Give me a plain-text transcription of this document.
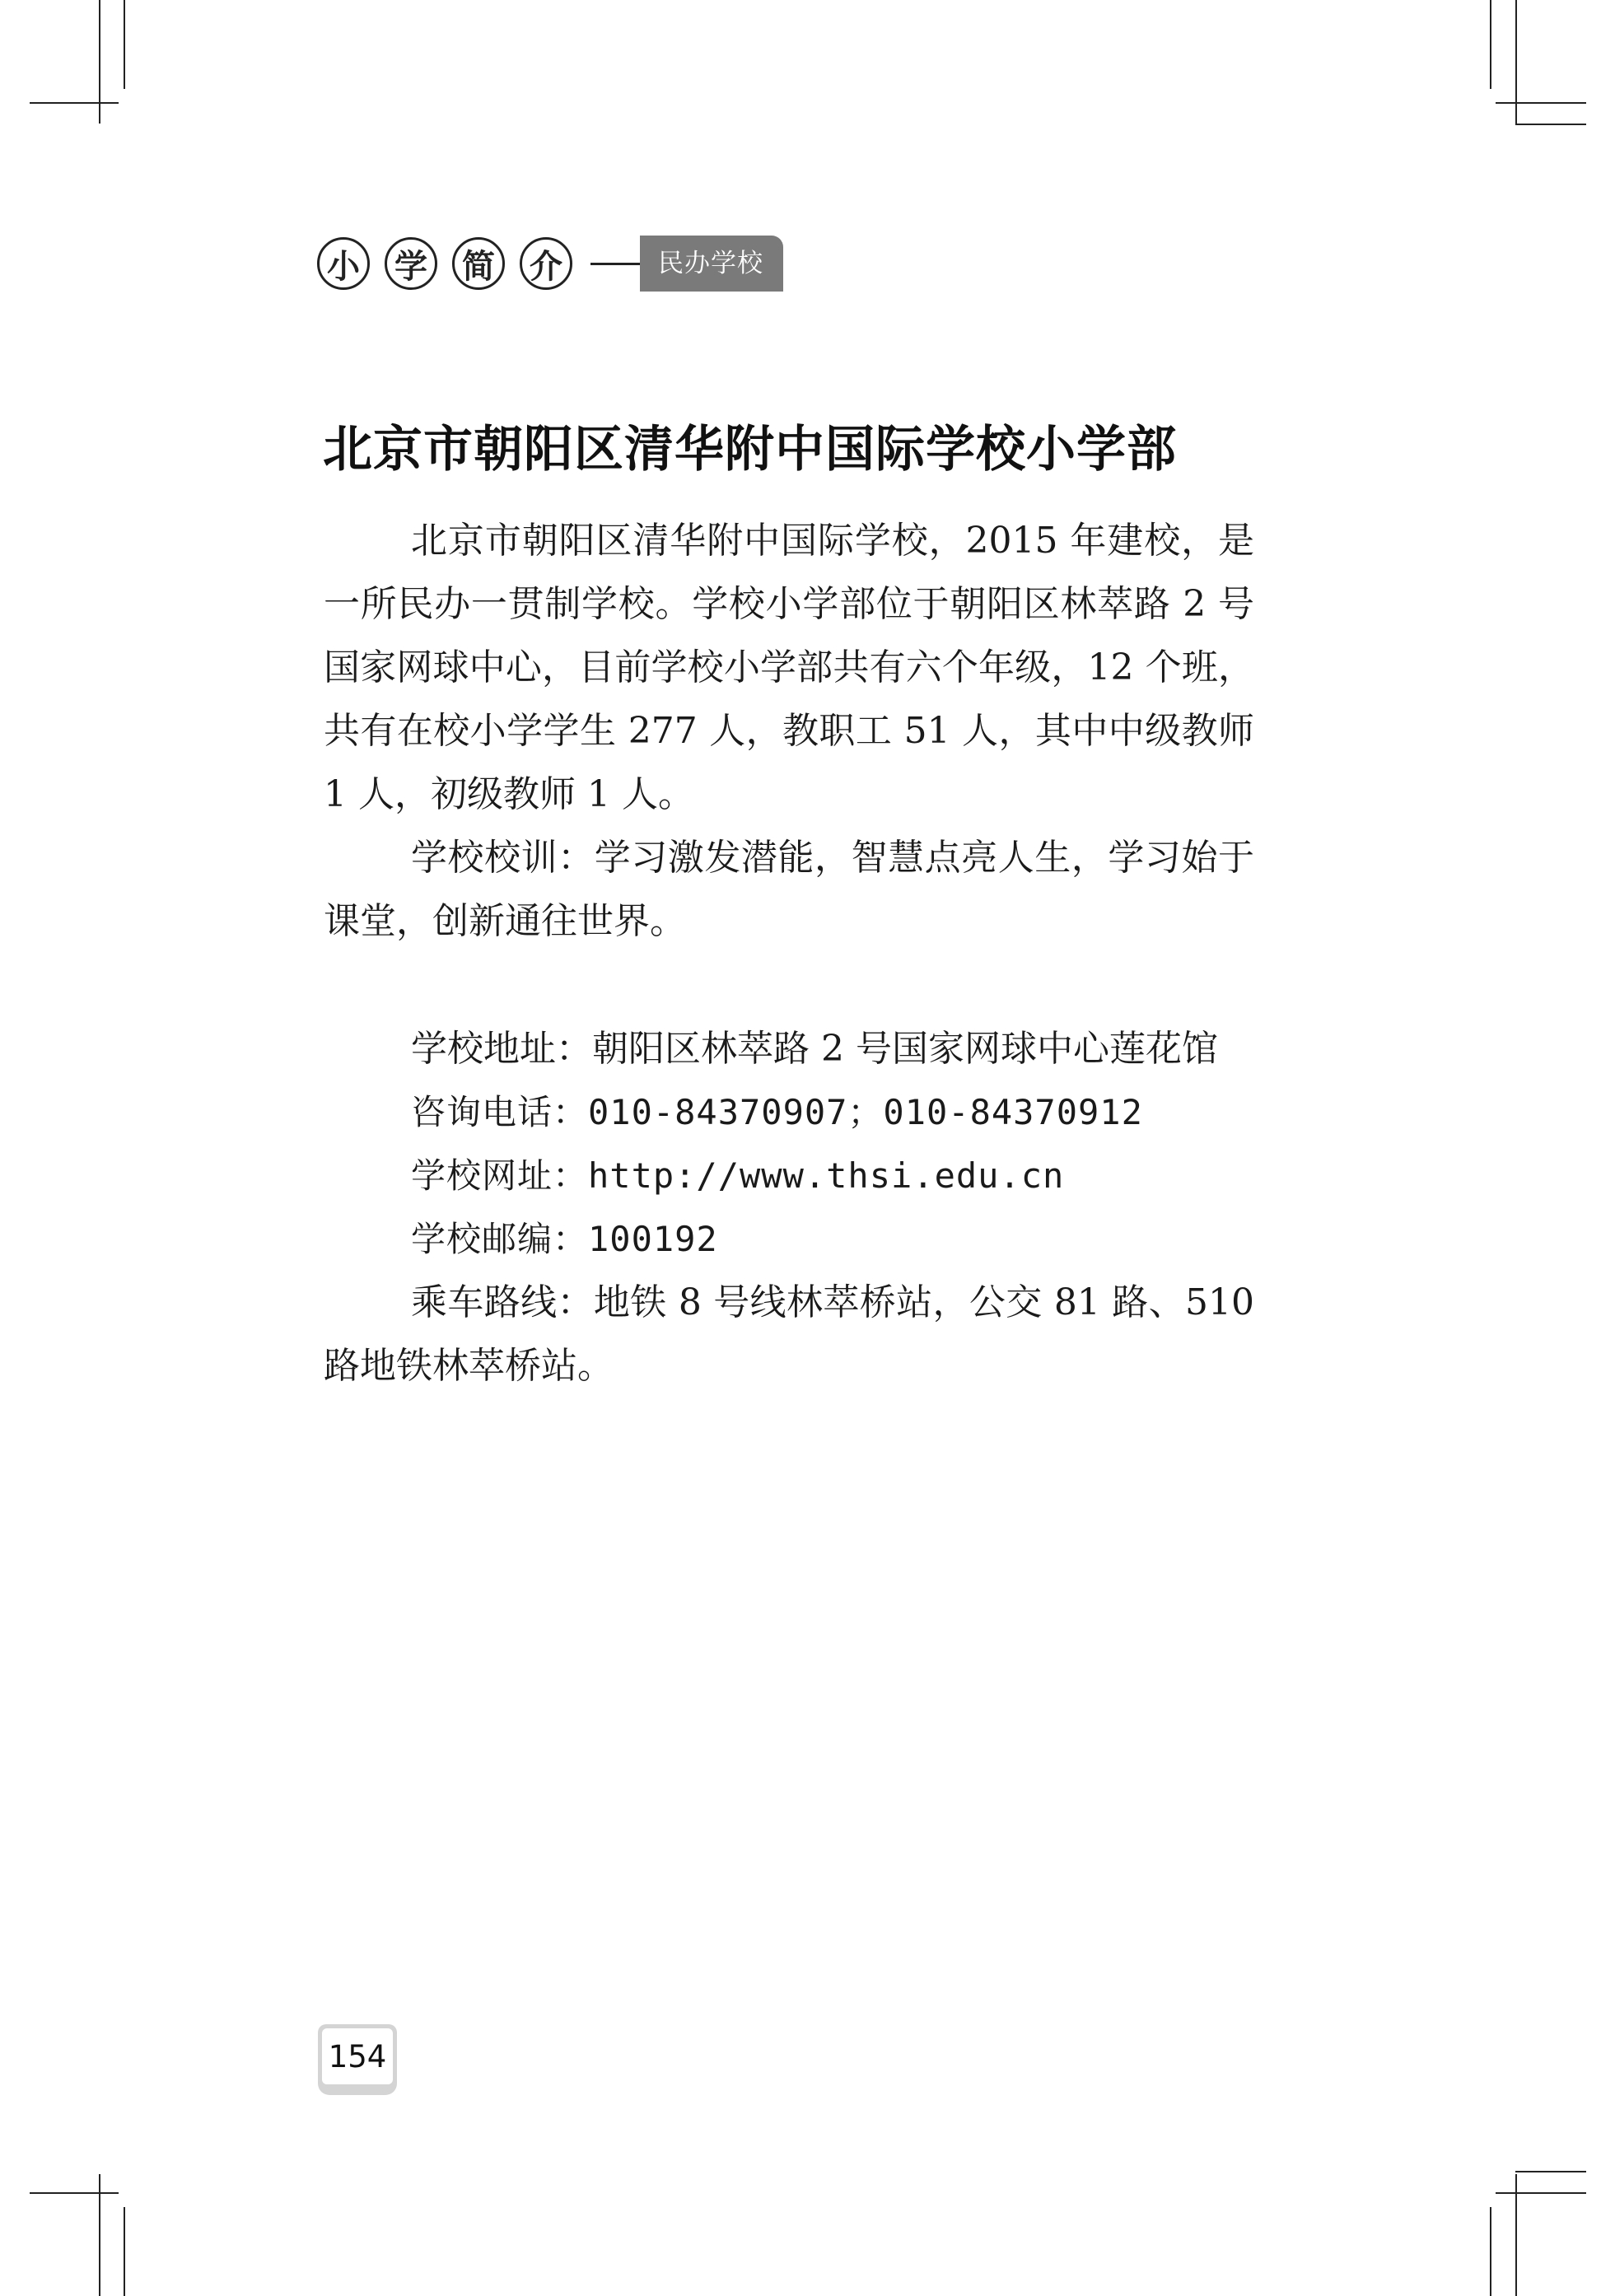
小	学	简	介	民办学校
北京市朝阳区清华附中国际学校小学部

北京市朝阳区清华附中国际学校，2015 年建校，是一所民办一贯制学校。学校小学部位于朝阳区林萃路 2 号国家网球中心，目前学校小学部共有六个年级，12 个班，共有在校小学学生 277 人，教职工 51 人，其中中级教师 1 人，初级教师 1 人。

学校校训：学习激发潜能，智慧点亮人生，学习始于课堂，创新通往世界。

学校地址：朝阳区林萃路 2 号国家网球中心莲花馆

咨询电话：010-84370907；010-84370912

学校网址：http://www.thsi.edu.cn

学校邮编：100192

乘车路线：地铁 8 号线林萃桥站，公交 81 路、510 路地铁林萃桥站。

154
